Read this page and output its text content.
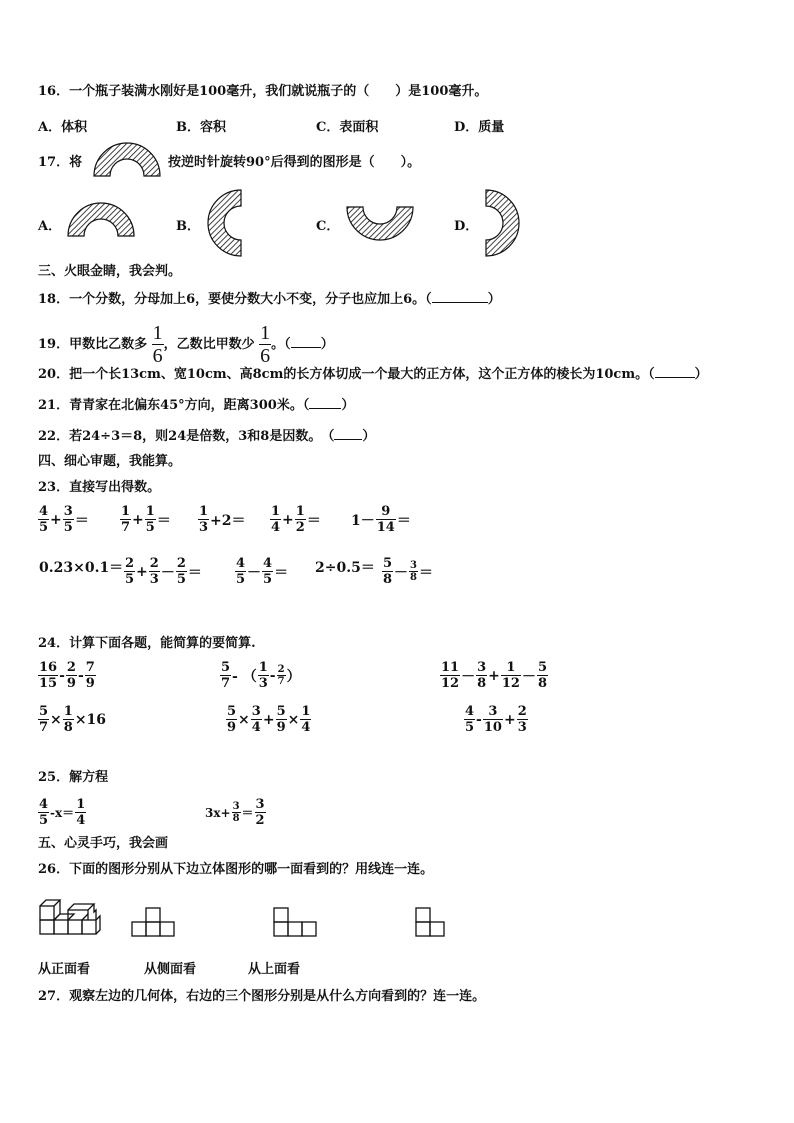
16．一个瓶子装满水刚好是100毫升，我们就说瓶子的（　　）是100毫升。
A．体积	B．容积	C．表面积	D．质量
17．将	按逆时针旋转90°后得到的图形是（　　）。
A．	B．	C．	D．
三、火眼金睛，我会判。
18．一个分数，分母加上6，要使分数大小不变，分子也应加上6。（	）
19．甲数比乙数多 $\frac{1}{6}$ ，乙数比甲数少 $\frac{1}{6}$ 。（ ）
20．把一个长13cm、宽10cm、高8cm的长方体切成一个最大的正方体，这个正方体的棱长为10cm。（	）
21．青青家在北偏东45°方向，距离300米。（ ）
22．若24÷3＝8，则24是倍数，3和8是因数。　（ ）
四、细心审题，我能算。
23．直接写出得数。
$\frac{4}{5} + \frac{3}{5} = \frac{1}{7} + \frac{1}{5} = \frac{1}{3} +2= \frac{1}{4} + \frac{1}{2} = 1- \frac{9}{14}$ ＝
$0.23\times 0.1= \frac{2}{5} + \frac{2}{3} - \frac{2}{5}$ ＝	$\frac{4}{5} - \frac{4}{5} = 2\div 0.5= \frac{5}{8} - \frac{3}{8}$ ＝
24．计算下面各题，能简算的要简算.
$\frac{16}{15} - \frac{2}{9} - \frac{7}{9}$	$\frac{5}{7}$ - （ $\frac{1}{3} - \frac{2}{7}$ ）	$\frac{11}{12} - \frac{3}{8} + \frac{1}{12} - \frac{5}{8}$
$\frac{5}{7} \times \frac{1}{8} \times 16$	$\frac{5}{9} \times \frac{3}{4} + \frac{5}{9} \times \frac{1}{4}$	$\frac{4}{5} - \frac{3}{10} + \frac{2}{3}$
25．解方程
$\frac{4}{5} -x= \frac{1}{4}$	$3x+ \frac{3}{8} = \frac{3}{2}$
五、心灵手巧，我会画
26．下面的图形分别从下边立体图形的哪一面看到的？用线连一连。
从正面看	从侧面看	从上面看
27．观察左边的几何体，右边的三个图形分别是从什么方向看到的？连一连。
